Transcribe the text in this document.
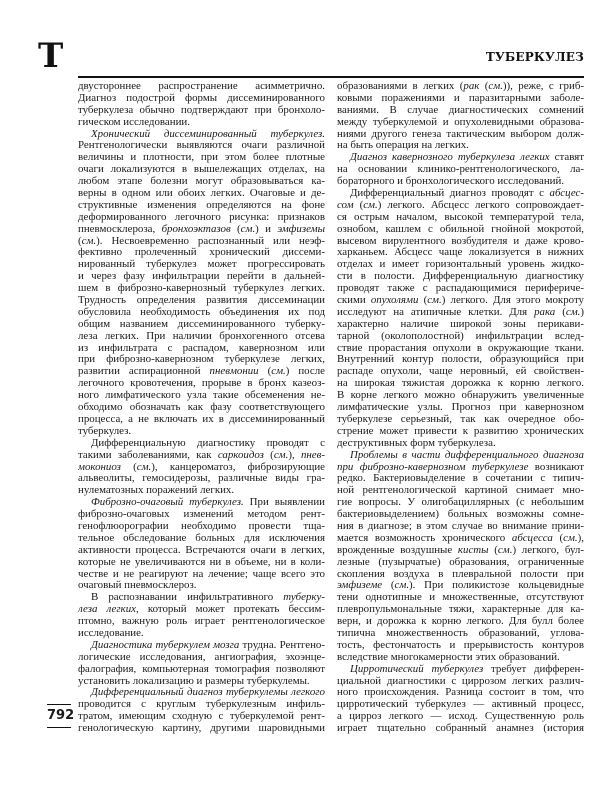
Т	ТУБЕРКУЛЕЗ
двустороннее распространение асимметрично.
Диагноз подострой формы диссеминированного
туберкулеза обычно подтверждают при бронхоло-
гическом исследовании.
Хронический диссеминированный туберкулез.
Рентгенологически выявляются очаги различной
величины и плотности, при этом более плотные
очаги локализуются в вышележащих отделах, на
любом этапе болезни могут образовываться ка-
верны в одном или обоих легких. Очаговые и де-
структивные изменения определяются на фоне
деформированного легочного рисунка: признаков
пневмосклероза, бронхоэктазов (см.) и эмфиземы
(см.). Несвоевременно распознанный или неэф-
фективно пролеченный хронический диссеми-
нированный туберкулез может прогрессировать
и через фазу инфильтрации перейти в дальней-
шем в фиброзно-кавернозный туберкулез легких.
Трудность определения развития диссеминации
обусловила необходимость объединения их под
общим названием диссеминированного туберку-
леза легких. При наличии бронхогенного отсева
из инфильтрата с распадом, кавернозном или
при фиброзно-кавернозном туберкулезе легких,
развитии аспирационной пневмонии (см.) после
легочного кровотечения, прорыве в бронх казеоз-
ного лимфатического узла такие обсеменения не-
обходимо обозначать как фазу соответствующего
процесса, а не включать их в диссеминированный
туберкулез.
Дифференциальную диагностику проводят с
такими заболеваниями, как саркоидоз (см.), пнев-
мокониоз (см.), канцероматоз, фиброзирующие
альвеолиты, гемосидерозы, различные виды гра-
нулематозных поражений легких.
Фиброзно-очаговый туберкулез. При выявлении
фиброзно-очаговых изменений методом рент-
генофлюорографии необходимо провести тща-
тельное обследование больных для исключения
активности процесса. Встречаются очаги в легких,
которые не увеличиваются ни в объеме, ни в коли-
честве и не реагируют на лечение; чаще всего это
очаговый пневмосклероз.
В распознавании инфильтративного туберку-
леза легких, который может протекать бессим-
птомно, важную роль играет рентгенологическое
исследование.
Диагностика туберкулем мозга трудна. Рентгено-
логические исследования, ангиография, эхоэнце-
фалография, компьютерная томография позволяют
установить локализацию и размеры туберкулемы.
Дифференциальный диагноз туберкулемы легкого
проводится с круглым туберкулезным инфиль-
тратом, имеющим сходную с туберкулемой рент-
генологическую картину, другими шаровидными
образованиями в легких (рак (см.)), реже, с гриб-
ковыми поражениями и паразитарными заболе-
ваниями. В случае диагностических сомнений
между туберкулемой и опухолевидными образова-
ниями другого генеза тактическим выбором долж-
на быть операция на легких.
Диагноз кавернозного туберкулеза легких ставят
на основании клинико-рентгенологического, ла-
бораторного и бронхологического исследований.
Дифференциальный диагноз проводят с абсцес-
сом (см.) легкого. Абсцесс легкого сопровождает-
ся острым началом, высокой температурой тела,
ознобом, кашлем с обильной гнойной мокротой,
высевом вирулентного возбудителя и даже крово-
харканьем. Абсцесс чаще локализуется в нижних
отделах и имеет горизонтальный уровень жидко-
сти в полости. Дифференциальную диагностику
проводят также с распадающимися перифериче-
скими опухолями (см.) легкого. Для этого мокроту
исследуют на атипичные клетки. Для рака (см.)
характерно наличие широкой зоны перикави-
тарной (околополостной) инфильтрации вслед-
ствие прорастания опухоли в окружающие ткани.
Внутренний контур полости, образующийся при
распаде опухоли, чаще неровный, ей свойствен-
на широкая тяжистая дорожка к корню легкого.
В корне легкого можно обнаружить увеличенные
лимфатические узлы. Прогноз при кавернозном
туберкулезе серьезный, так как очередное обо-
стрение может привести к развитию хронических
деструктивных форм туберкулеза.
Проблемы в части дифференциального диагноза
при фиброзно-кавернозном туберкулезе возникают
редко. Бактериовыделение в сочетании с типич-
ной рентгенологической картиной снимает мно-
гие вопросы. У олигобациллярных (с небольшим
бактериовыделением) больных возможны сомне-
ния в диагнозе; в этом случае во внимание прини-
мается возможность хронического абсцесса (см.),
врожденные воздушные кисты (см.) легкого, бул-
лезные (пузырчатые) образования, ограниченные
скопления воздуха в плевральной полости при
эмфиземе (см.). При поликистозе кольцевидные
тени однотипные и множественные, отсутствуют
плевропульмональные тяжи, характерные для ка-
верн, и дорожка к корню легкого. Для булл более
типична множественность образований, углова-
тость, фестончатость и прерывистость контуров
вследствие многокамерности этих образований.
Цирротический туберкулез требует дифферен-
циальной диагностики с циррозом легких различ-
ного происхождения. Разница состоит в том, что
цирротический туберкулез — активный процесс,
а цирроз легкого — исход. Существенную роль
играет тщательно собранный анамнез (история
792
